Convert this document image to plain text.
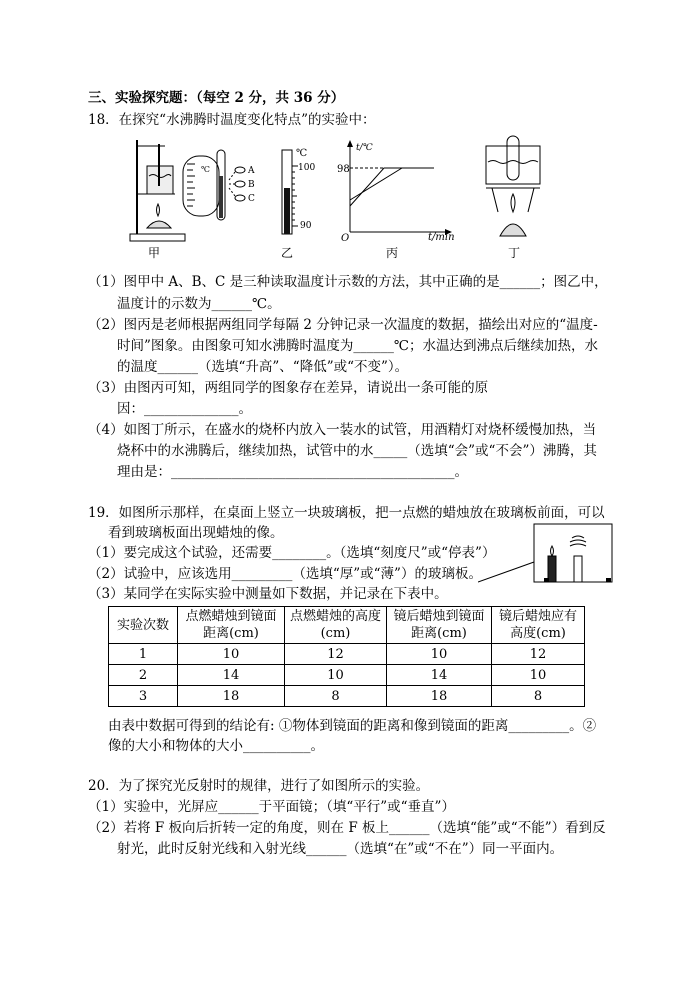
三、实验探究题：（每空 2 分，共 36 分）
18．在探究“水沸腾时温度变化特点”的实验中：
℃	A
B
C
甲
℃
100
90
乙
t/℃
98
O	t/min
丙	丁
（1）图甲中 A、B、C 是三种读取温度计示数的方法，其中正确的是______；图乙中，
温度计的示数为______℃。
（2）图丙是老师根据两组同学每隔 2 分钟记录一次温度的数据，描绘出对应的“温度-
时间”图象。由图象可知水沸腾时温度为______℃；水温达到沸点后继续加热，水
的温度______（选填“升高”、“降低”或“不变”）。
（3）由图丙可知，两组同学的图象存在差异，请说出一条可能的原
因：______________。
（4）如图丁所示，在盛水的烧杯内放入一装水的试管，用酒精灯对烧杯缓慢加热，当
烧杯中的水沸腾后，继续加热，试管中的水_____（选填“会”或“不会”）沸腾，其
理由是：__________________________________________。
19．如图所示那样，在桌面上竖立一块玻璃板，把一点燃的蜡烛放在玻璃板前面，可以
看到玻璃板面出现蜡烛的像。
（1）要完成这个试验，还需要________。（选填“刻度尺”或“停表”）
（2）试验中，应该选用_________（选填“厚”或“薄”）的玻璃板。
（3）某同学在实际实验中测量如下数据，并记录在下表中。
实验次数	点燃蜡烛到镜面距离(cm)	点燃蜡烛的高度(cm)	镜后蜡烛到镜面距离(cm)	镜后蜡烛应有高度(cm)
1	10	12	10	12
2	14	10	14	10
3	18	8	18	8
由表中数据可得到的结论有: ①物体到镜面的距离和像到镜面的距离_________。②
像的大小和物体的大小__________。
20．为了探究光反射时的规律，进行了如图所示的实验。
（1）实验中，光屏应______于平面镜；（填“平行”或“垂直”）
（2）若将 F 板向后折转一定的角度，则在 F 板上______（选填“能”或“不能”）看到反
射光，此时反射光线和入射光线______（选填“在”或“不在”）同一平面内。
